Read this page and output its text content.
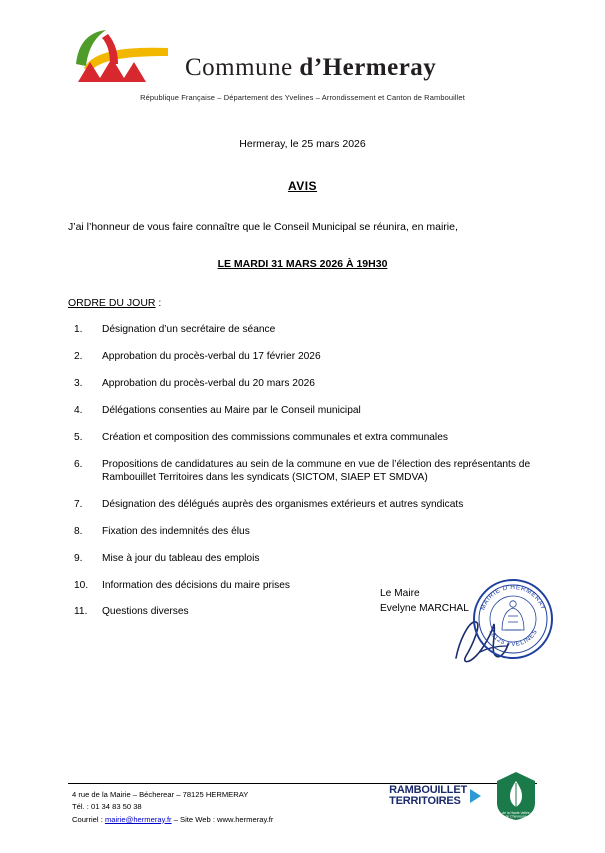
Commune d’Hermeray
République Française – Département des Yvelines – Arrondissement et Canton de Rambouillet
Hermeray, le 25 mars 2026
AVIS
J’ai l’honneur de vous faire connaître que le Conseil Municipal se réunira, en mairie,
LE MARDI 31 MARS 2026 À 19H30
ORDRE DU JOUR :
1.	Désignation d’un secrétaire de séance
2.	Approbation du procès-verbal du 17 février 2026
3.	Approbation du procès-verbal du 20 mars 2026
4.	Délégations consenties au Maire par le Conseil municipal
5.	Création et composition des commissions communales et extra communales
6.	Propositions de candidatures au sein de la commune en vue de l’élection des représentants de Rambouillet Territoires dans les syndicats (SICTOM, SIAEP ET SMDVA)
7.	Désignation des délégués auprès des organismes extérieurs et autres syndicats
8.	Fixation des indemnités des élus
9.	Mise à jour du tableau des emplois
10.	Information des décisions du maire prises
11.	Questions diverses
Le Maire
Evelyne MARCHAL MAIRIE D’HERMERAY
78125 YVELINES
4 rue de la Mairie – Bécherear – 78125 HERMERAY
Tél. : 01 34 83 50 38
Courriel : mairie@hermeray.fr – Site Web : www.hermeray.fr
RAMBOUILLET
TERRITOIRES
de la Haute Vallée
de Chevreuse
